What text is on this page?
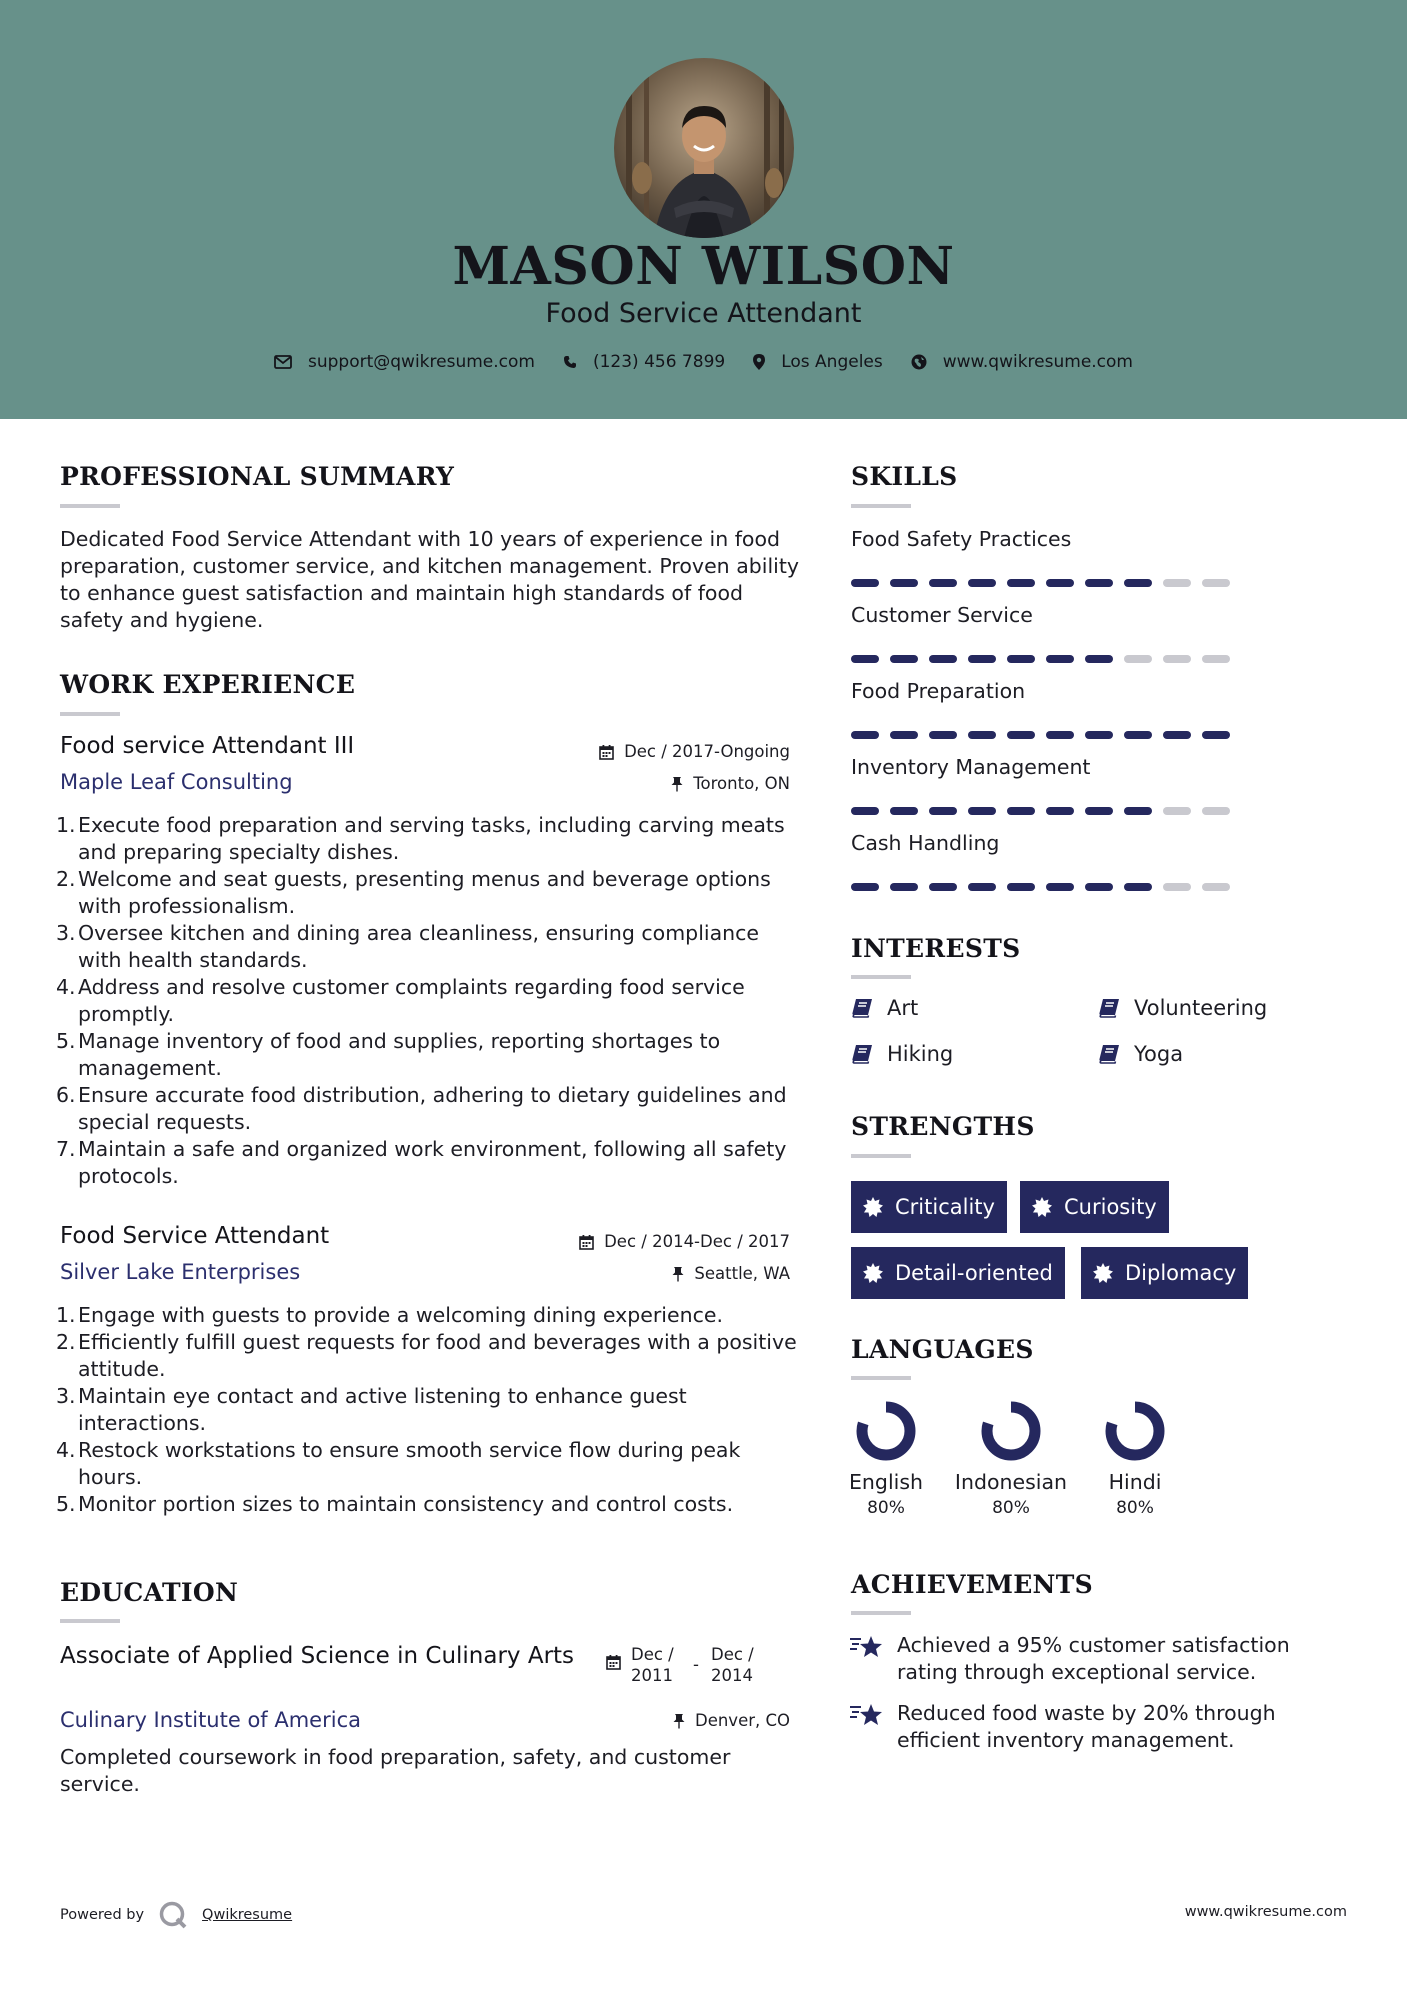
MASON WILSON
Food Service Attendant
support@qwikresume.com	(123) 456 7899	Los Angeles	www.qwikresume.com
PROFESSIONAL SUMMARY
Dedicated Food Service Attendant with 10 years of experience in food preparation, customer service, and kitchen management. Proven ability to enhance guest satisfaction and maintain high standards of food safety and hygiene.
WORK EXPERIENCE
Food service Attendant III	Dec / 2017-Ongoing
Maple Leaf Consulting	Toronto, ON
Execute food preparation and serving tasks, including carving meats and preparing specialty dishes.
Welcome and seat guests, presenting menus and beverage options with professionalism.
Oversee kitchen and dining area cleanliness, ensuring compliance with health standards.
Address and resolve customer complaints regarding food service promptly.
Manage inventory of food and supplies, reporting shortages to management.
Ensure accurate food distribution, adhering to dietary guidelines and special requests.
Maintain a safe and organized work environment, following all safety protocols.
Food Service Attendant	Dec / 2014-Dec / 2017
Silver Lake Enterprises	Seattle, WA
Engage with guests to provide a welcoming dining experience.
Efficiently fulfill guest requests for food and beverages with a positive attitude.
Maintain eye contact and active listening to enhance guest interactions.
Restock workstations to ensure smooth service flow during peak hours.
Monitor portion sizes to maintain consistency and control costs.
EDUCATION
Associate of Applied Science in Culinary Arts	Dec / 2011
-
Dec / 2014
Culinary Institute of America	Denver, CO
Completed coursework in food preparation, safety, and customer service.
SKILLS
Food Safety Practices
Customer Service
Food Preparation
Inventory Management
Cash Handling
INTERESTS
Art	Volunteering
Hiking	Yoga
STRENGTHS
Criticality	Curiosity
Detail-oriented	Diplomacy
LANGUAGES
English
80%
Indonesian
80%
Hindi
80%
ACHIEVEMENTS
Achieved a 95% customer satisfaction rating through exceptional service.
Reduced food waste by 20% through efficient inventory management.
Powered by	Qwikresume	www.qwikresume.com
